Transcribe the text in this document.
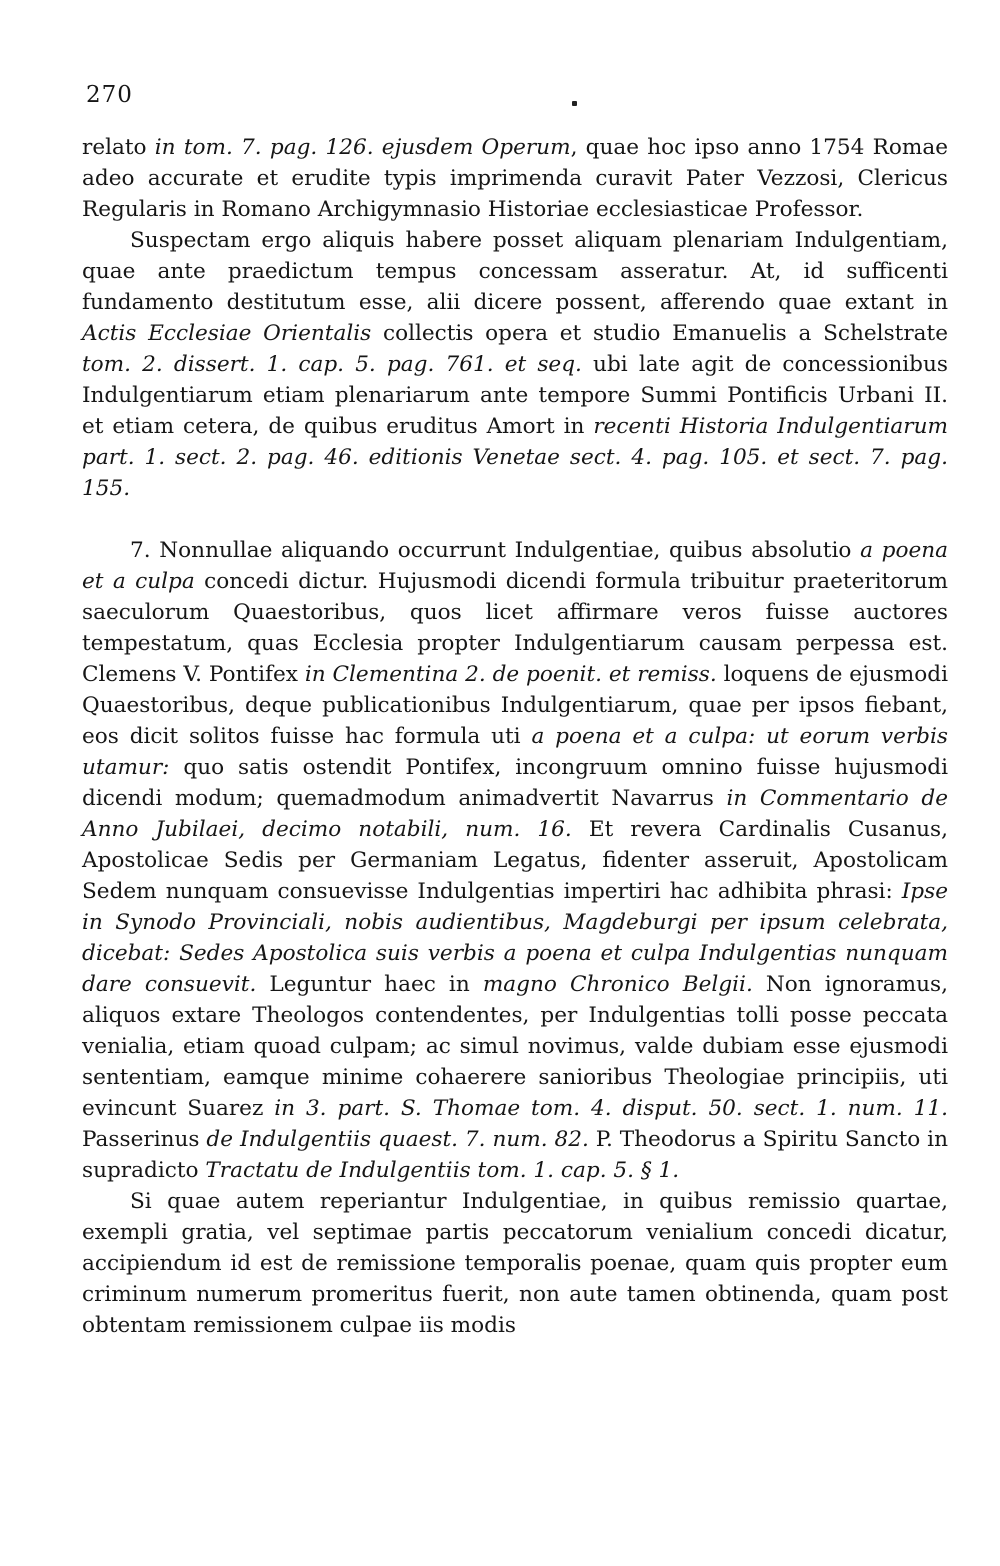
270

relato in tom. 7. pag. 126. ejusdem Operum, quae hoc ipso anno 1754 Romae adeo accurate et erudite typis imprimenda curavit Pater Vezzosi, Clericus Regularis in Romano Archigymnasio Historiae ecclesiasticae Professor.

Suspectam ergo aliquis habere posset aliquam plenariam Indulgentiam, quae ante praedictum tempus concessam asseratur. At, id sufficenti fundamento destitutum esse, alii dicere possent, afferendo quae extant in Actis Ecclesiae Orientalis collectis opera et studio Emanuelis a Schelstrate tom. 2. dissert. 1. cap. 5. pag. 761. et seq. ubi late agit de concessionibus Indulgentiarum etiam plenariarum ante tempore Summi Pontificis Urbani II. et etiam cetera, de quibus eruditus Amort in recenti Historia Indulgentiarum part. 1. sect. 2. pag. 46. editionis Venetae sect. 4. pag. 105. et sect. 7. pag. 155.

7. Nonnullae aliquando occurrunt Indulgentiae, quibus absolutio a poena et a culpa concedi dictur. Hujusmodi dicendi formula tribuitur praeteritorum saeculorum Quaestoribus, quos licet affirmare veros fuisse auctores tempestatum, quas Ecclesia propter Indulgentiarum causam perpessa est. Clemens V. Pontifex in Clementina 2. de poenit. et remiss. loquens de ejusmodi Quaestoribus, deque publicationibus Indulgentiarum, quae per ipsos fiebant, eos dicit solitos fuisse hac formula uti a poena et a culpa: ut eorum verbis utamur: quo satis ostendit Pontifex, incongruum omnino fuisse hujusmodi dicendi modum; quemadmodum animadvertit Navarrus in Commentario de Anno Jubilaei, decimo notabili, num. 16. Et revera Cardinalis Cusanus, Apostolicae Sedis per Germaniam Legatus, fidenter asseruit, Apostolicam Sedem nunquam consuevisse Indulgentias impertiri hac adhibita phrasi: Ipse in Synodo Provinciali, nobis audientibus, Magdeburgi per ipsum celebrata, dicebat: Sedes Apostolica suis verbis a poena et culpa Indulgentias nunquam dare consuevit. Leguntur haec in magno Chronico Belgii. Non ignoramus, aliquos extare Theologos contendentes, per Indulgentias tolli posse peccata venialia, etiam quoad culpam; ac simul novimus, valde dubiam esse ejusmodi sententiam, eamque minime cohaerere sanioribus Theologiae principiis, uti evincunt Suarez in 3. part. S. Thomae tom. 4. disput. 50. sect. 1. num. 11. Passerinus de Indulgentiis quaest. 7. num. 82. P. Theodorus a Spiritu Sancto in supradicto Tractatu de Indulgentiis tom. 1. cap. 5. § 1.

Si quae autem reperiantur Indulgentiae, in quibus remissio quartae, exempli gratia, vel septimae partis peccatorum venialium concedi dicatur, accipiendum id est de remissione temporalis poenae, quam quis propter eum criminum numerum promeritus fuerit, non aute tamen obtinenda, quam post obtentam remissionem culpae iis modis
